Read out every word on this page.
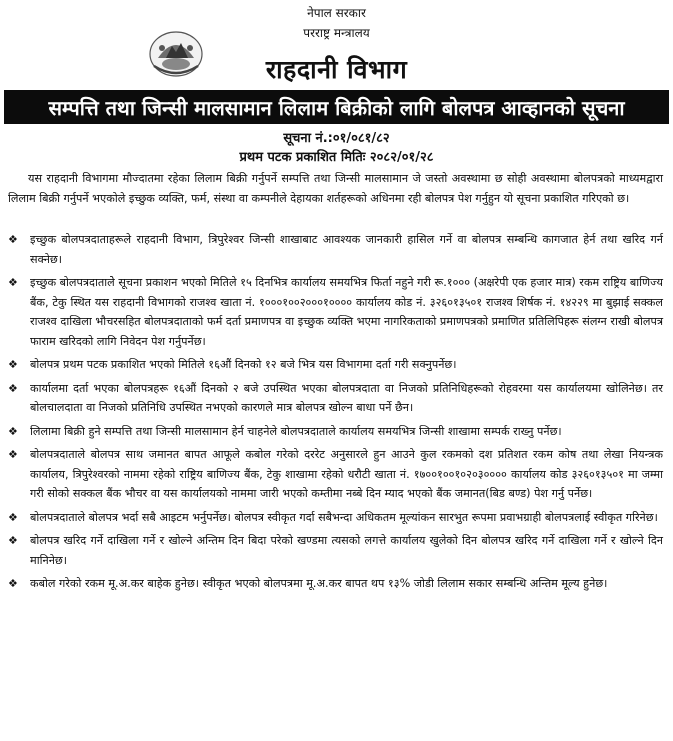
नेपाल सरकार
परराष्ट्र मन्त्रालय
राहदानी विभाग
सम्पत्ति तथा जिन्सी मालसामान लिलाम बिक्रीको लागि बोलपत्र आव्हानको सूचना
सूचना नं.:०१/०८१/८२
प्रथम पटक प्रकाशित मितिः २०८२/०१/२८
यस राहदानी विभागमा मौज्दातमा रहेका लिलाम बिक्री गर्नुपर्ने सम्पत्ति तथा जिन्सी मालसामान जे जस्तो अवस्थामा छ सोही अवस्थामा बोलपत्रको माध्यमद्वारा लिलाम बिक्री गर्नुपर्ने भएकोले इच्छुक व्यक्ति, फर्म, संस्था वा कम्पनीले देहायका शर्तहरूको अधिनमा रही बोलपत्र पेश गर्नुहुन यो सूचना प्रकाशित गरिएको छ।
❖ इच्छुक बोलपत्रदाताहरूले राहदानी विभाग, त्रिपुरेश्वर जिन्सी शाखाबाट आवश्यक जानकारी हासिल गर्ने वा बोलपत्र सम्बन्धि कागजात हेर्न तथा खरिद गर्न सक्नेछ।
❖ इच्छुक बोलपत्रदातालेे सूचना प्रकाशन भएको मितिले १५ दिनभित्र कार्यालय समयभित्र फिर्ता नहुने गरी रू.१००० (अक्षरेपी एक हजार मात्र) रकम राष्ट्रिय बाणिज्य बैंक, टेकु स्थित यस राहदानी विभागको राजश्व खाता नं. १०००१००२०००१०००० कार्यालय कोड नं. ३२६०१३५०१ राजश्व शिर्षक नं. १४२२९ मा बुझाई सक्कल राजश्व दाखिला भौचरसहित बोलपत्रदाताको फर्म दर्ता प्रमाणपत्र वा इच्छुक व्यक्ति भएमा नागरिकताको प्रमाणपत्रको प्रमाणित प्रतिलिपिहरू संलग्न राखी बोलपत्र फाराम खरिदको लागि निवेदन पेश गर्नुपर्नेछ।
❖ बोलपत्र प्रथम पटक प्रकाशित भएको मितिले १६औं दिनको १२ बजे भित्र यस विभागमा दर्ता गरी सक्नुपर्नेछ।
❖ कार्यालमा दर्ता भएका बोलपत्रहरू १६औं दिनको २ बजे उपस्थित भएका बोलपत्रदाता वा निजको प्रतिनिधिहरूको रोहवरमा यस कार्यालयमा खोलिनेछ। तर बोलचालदाता वा निजको प्रतिनिधि उपस्थित नभएको कारणले मात्र बोलपत्र खोल्न बाधा पर्ने छैन।
❖ लिलामा बिक्री हुने सम्पत्ति तथा जिन्सी मालसामान हेर्न चाहनेले बोलपत्रदाताले कार्यालय समयभित्र जिन्सी शाखामा सम्पर्क राख्नु पर्नेछ।
❖ बोलपत्रदाताले बोलपत्र साथ जमानत बापत आफूले कबोल गरेको दररेट अनुसारले हुन आउने कुल रकमको दश प्रतिशत रकम कोष तथा लेखा नियन्त्रक कार्यालय, त्रिपुरेश्वरको नाममा रहेको राष्ट्रिय बाणिज्य बैंक, टेकु शाखामा रहेको धरौटी खाता नं. १७००१००१०२०३०००० कार्यालय कोड ३२६०१३५०१ मा जम्मा गरी सोको सक्कल बैंक भौचर वा यस कार्यालयको नाममा जारी भएको कम्तीमा नब्बे दिन म्याद भएको बैंक जमानत(बिड बण्ड) पेश गर्नु पर्नेछ।
❖ बोलपत्रदाताले बोलपत्र भर्दा सबै आइटम भर्नुपर्नेछ। बोलपत्र स्वीकृत गर्दा सबैभन्दा अधिकतम मूल्यांकन सारभुत रूपमा प्रवाभग्राही बोलपत्रलाई स्वीकृत गरिनेछ।
❖ बोलपत्र खरिद गर्ने दाखिला गर्ने र खोल्ने अन्तिम दिन बिदा परेको खण्डमा त्यसको लगत्ते कार्यालय खुलेको दिन बोलपत्र खरिद गर्ने दाखिला गर्ने र खोल्ने दिन मानिनेछ।
❖ कबोल गरेको रकम मू.अ.कर बाहेक हुनेछ। स्वीकृत भएको बोलपत्रमा मू.अ.कर बापत थप १३% जोडी लिलाम सकार सम्बन्धि अन्तिम मूल्य हुनेछ।
